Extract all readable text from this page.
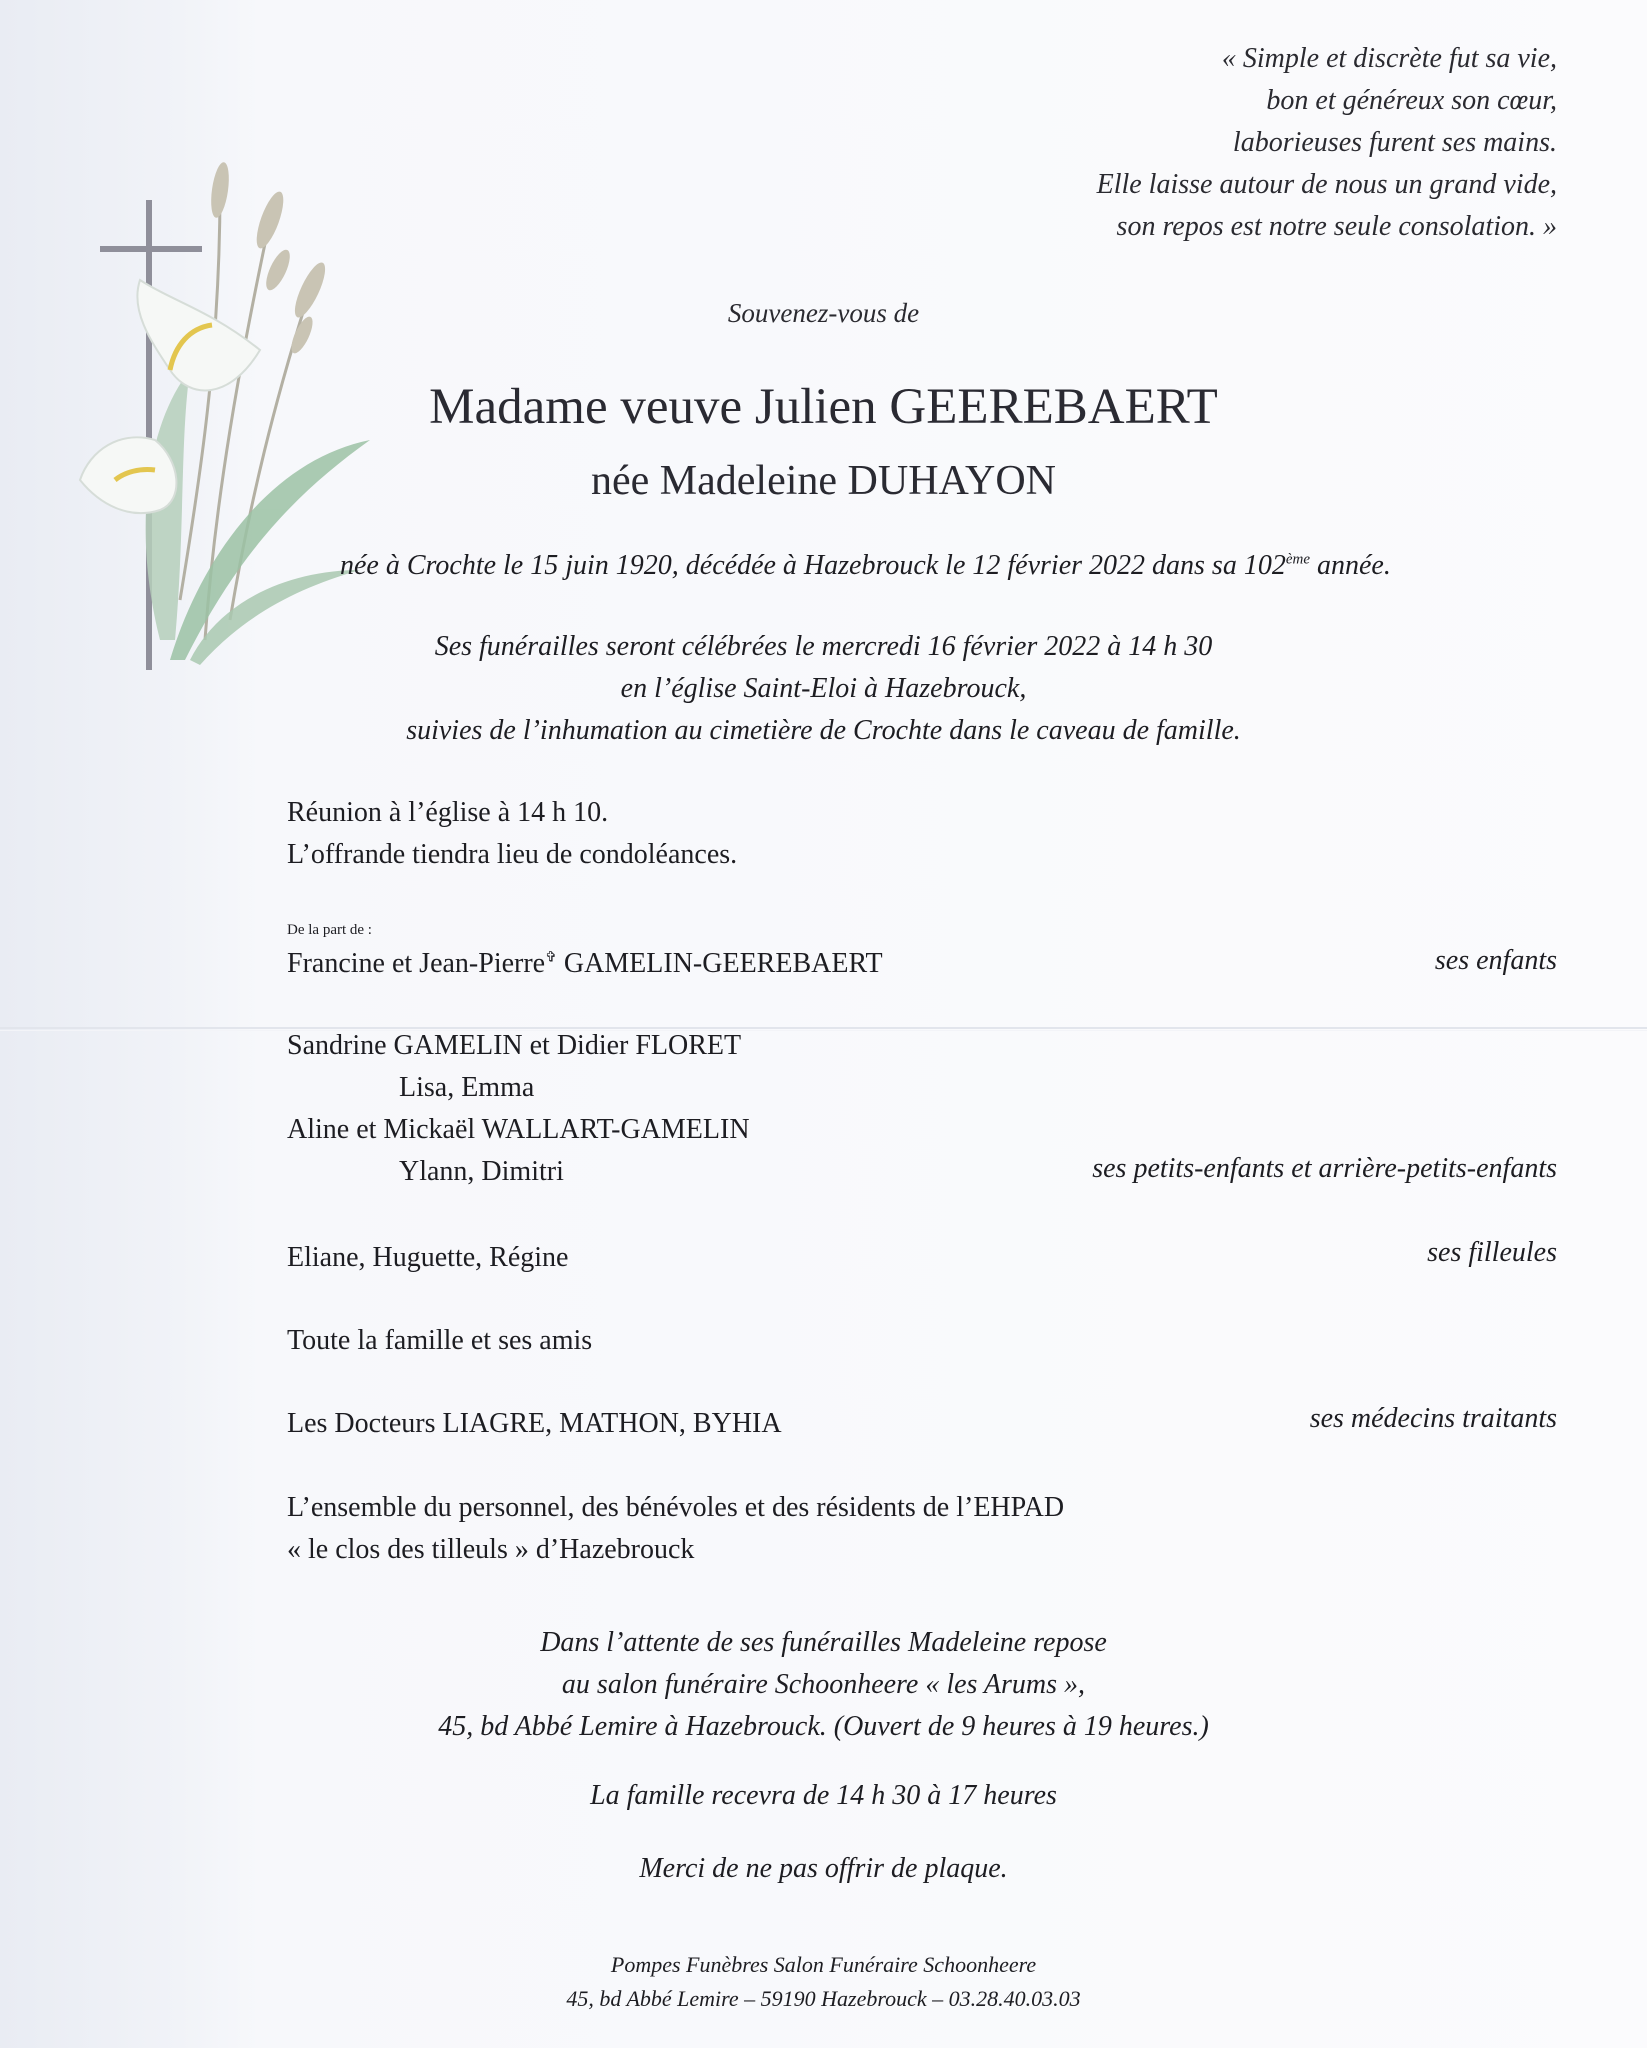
« Simple et discrète fut sa vie,
bon et généreux son cœur,
laborieuses furent ses mains.
Elle laisse autour de nous un grand vide,
son repos est notre seule consolation. »
Souvenez-vous de
Madame veuve Julien GEEREBAERT
née Madeleine DUHAYON
née à Crochte le 15 juin 1920, décédée à Hazebrouck le 12 février 2022 dans sa 102ème année.
Ses funérailles seront célébrées le mercredi 16 février 2022 à 14 h 30
en l’église Saint-Eloi à Hazebrouck,
suivies de l’inhumation au cimetière de Crochte dans le caveau de famille.
Réunion à l’église à 14 h 10.
L’offrande tiendra lieu de condoléances.
De la part de :
Francine et Jean-Pierre✞ GAMELIN-GEEREBAERT	ses enfants
Sandrine GAMELIN et Didier FLORET
Lisa, Emma
Aline et Mickaël WALLART-GAMELIN
Ylann, Dimitri	ses petits-enfants et arrière-petits-enfants
Eliane, Huguette, Régine	ses filleules
Toute la famille et ses amis
Les Docteurs LIAGRE, MATHON, BYHIA	ses médecins traitants
L’ensemble du personnel, des bénévoles et des résidents de l’EHPAD
« le clos des tilleuls » d’Hazebrouck
Dans l’attente de ses funérailles Madeleine repose
au salon funéraire Schoonheere « les Arums »,
45, bd Abbé Lemire à Hazebrouck. (Ouvert de 9 heures à 19 heures.)
La famille recevra de 14 h 30 à 17 heures
Merci de ne pas offrir de plaque.
Pompes Funèbres Salon Funéraire Schoonheere
45, bd Abbé Lemire – 59190 Hazebrouck – 03.28.40.03.03
